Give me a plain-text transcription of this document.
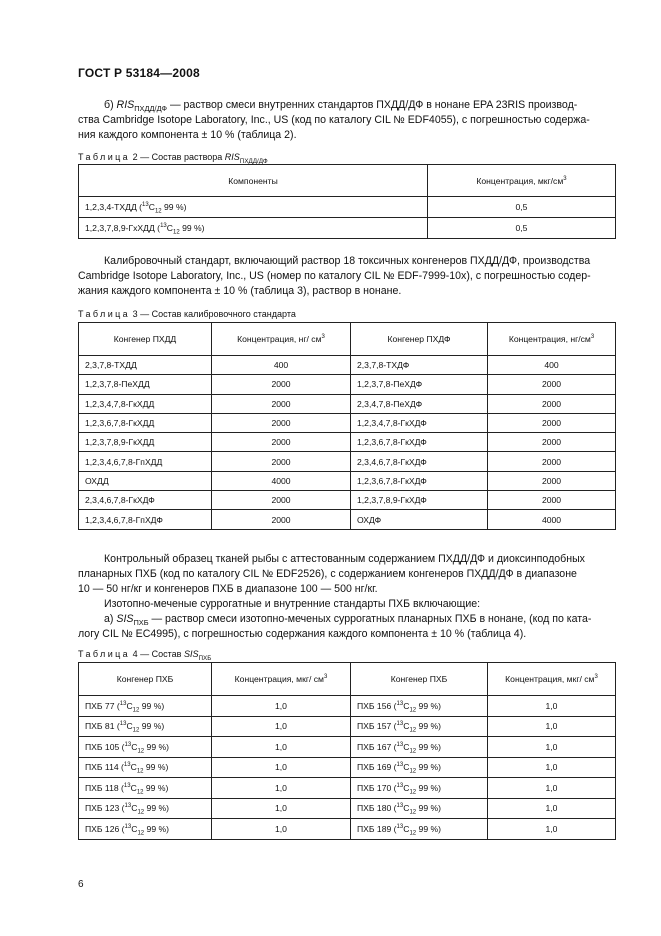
ГОСТ Р 53184—2008
б) $RIS_{ПХДД/ДФ}$ — раствор смеси внутренних стандартов ПХДД/ДФ в нонане EPA 23RIS производ-
ства Cambridge Isotope Laboratory, Inc., US (код по каталогу CIL № EDF4055), с погрешностью содержа-
ния каждого компонента ± 10 % (таблица 2).
Таблица 2 — Состав раствора $RIS_{ПХДД/ДФ}$
Компоненты	Концентрация, мкг/$см^3$
1,2,3,4-ТХДД ($^{13}C_{12}$ 99 %)	0,5
1,2,3,7,8,9-ГхХДД ($^{13}C_{12}$ 99 %)	0,5
Калибровочный стандарт, включающий раствор 18 токсичных конгенеров ПХДД/ДФ, производства
Cambridge Isotope Laboratory, Inc., US (номер по каталогу CIL № EDF-7999-10x), с погрешностью содер-
жания каждого компонента ± 10 % (таблица 3), раствор в нонане.
Таблица 3 — Состав калибровочного стандарта
Конгенер ПХДД	Концентрация, нг/ $см^3$	Конгенер ПХДФ	Концентрация, $нг/см^3$
2,3,7,8-ТХДД	400	2,3,7,8-ТХДФ	400
1,2,3,7,8-ПеХДД	2000	1,2,3,7,8-ПеХДФ	2000
1,2,3,4,7,8-ГкХДД	2000	2,3,4,7,8-ПеХДФ	2000
1,2,3,6,7,8-ГкХДД	2000	1,2,3,4,7,8-ГкХДФ	2000
1,2,3,7,8,9-ГкХДД	2000	1,2,3,6,7,8-ГкХДФ	2000
1,2,3,4,6,7,8-ГпХДД	2000	2,3,4,6,7,8-ГкХДФ	2000
ОХДД	4000	1,2,3,6,7,8-ГкХДФ	2000
2,3,4,6,7,8-ГкХДФ	2000	1,2,3,7,8,9-ГкХДФ	2000
1,2,3,4,6,7,8-ГпХДФ	2000	ОХДФ	4000
Контрольный образец тканей рыбы с аттестованным содержанием ПХДД/ДФ и диоксинподобных
планарных ПХБ (код по каталогу CIL № EDF2526), с содержанием конгенеров ПХДД/ДФ в диапазоне
10 — 50 нг/кг и конгенеров ПХБ в диапазоне 100 — 500 нг/кг.
Изотопно-меченые суррогатные и внутренние стандарты ПХБ включающие:
а) $SIS_{ПХБ}$ — раствор смеси изотопно-меченых суррогатных планарных ПХБ в нонане, (код по ката-
логу CIL № EC4995), с погрешностью содержания каждого компонента ± 10 % (таблица 4).
Таблица 4 — Состав $SIS_{ПХБ}$
Конгенер ПХБ	Концентрация, мкг/ $см^3$	Конгенер ПХБ	Концентрация, мкг/ $см^3$
ПХБ 77 ($^{13}C_{12}$ 99 %)	1,0	ПХБ 156 ($^{13}C_{12}$ 99 %)	1,0
ПХБ 81 ($^{13}C_{12}$ 99 %)	1,0	ПХБ 157 ($^{13}C_{12}$ 99 %)	1,0
ПХБ 105 ($^{13}C_{12}$ 99 %)	1,0	ПХБ 167 ($^{13}C_{12}$ 99 %)	1,0
ПХБ 114 ($^{13}C_{12}$ 99 %)	1,0	ПХБ 169 ($^{13}C_{12}$ 99 %)	1,0
ПХБ 118 ($^{13}C_{12}$ 99 %)	1,0	ПХБ 170 ($^{13}C_{12}$ 99 %)	1,0
ПХБ 123 ($^{13}C_{12}$ 99 %)	1,0	ПХБ 180 ($^{13}C_{12}$ 99 %)	1,0
ПХБ 126 ($^{13}C_{12}$ 99 %)	1,0	ПХБ 189 ($^{13}C_{12}$ 99 %)	1,0
6
